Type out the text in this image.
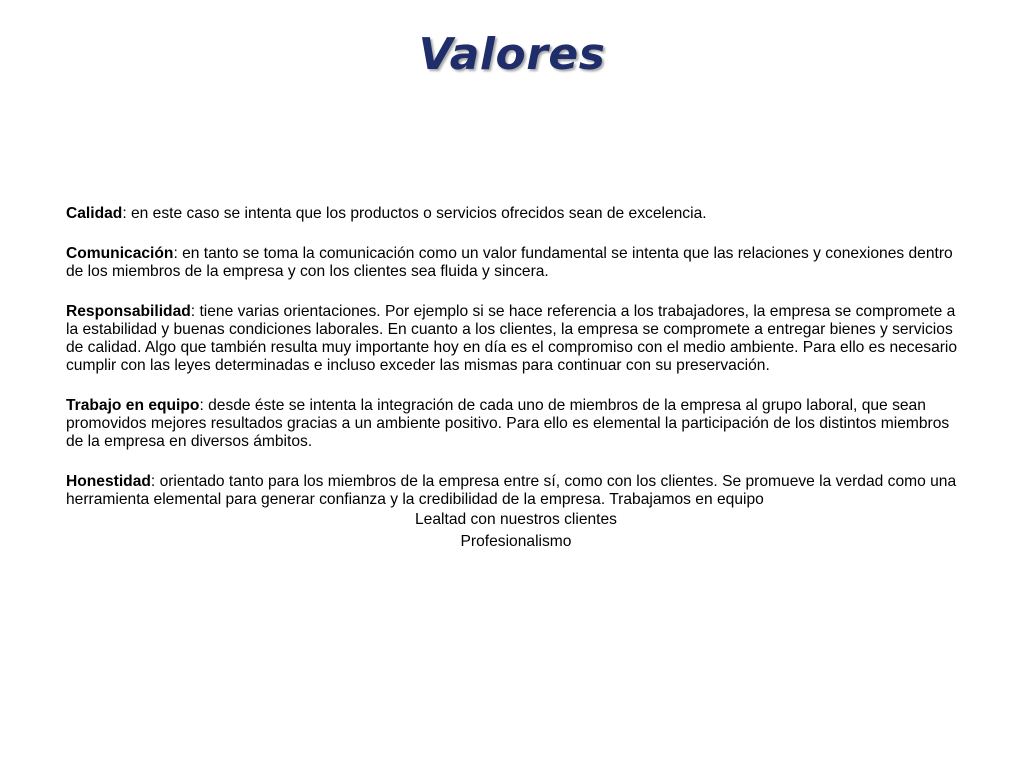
Valores

Calidad: en este caso se intenta que los productos o servicios ofrecidos sean de excelencia.

Comunicación: en tanto se toma la comunicación como un valor fundamental se intenta que las relaciones y conexiones dentro de los miembros de la empresa y con los clientes sea fluida y sincera.

Responsabilidad: tiene varias orientaciones. Por ejemplo si se hace referencia a los trabajadores, la empresa se compromete a la estabilidad y buenas condiciones laborales. En cuanto a los clientes, la empresa se compromete a entregar bienes y servicios de calidad. Algo que también resulta muy importante hoy en día es el compromiso con el medio ambiente. Para ello es necesario cumplir con las leyes determinadas e incluso exceder las mismas para continuar con su preservación.

Trabajo en equipo: desde éste se intenta la integración de cada uno de miembros de la empresa al grupo laboral, que sean promovidos mejores resultados gracias a un ambiente positivo. Para ello es elemental la participación de los distintos miembros de la empresa en diversos ámbitos.

Honestidad: orientado tanto para los miembros de la empresa entre sí, como con los clientes. Se promueve la verdad como una herramienta elemental para generar confianza y la credibilidad de la empresa. Trabajamos en equipo

Lealtad con nuestros clientes

Profesionalismo
